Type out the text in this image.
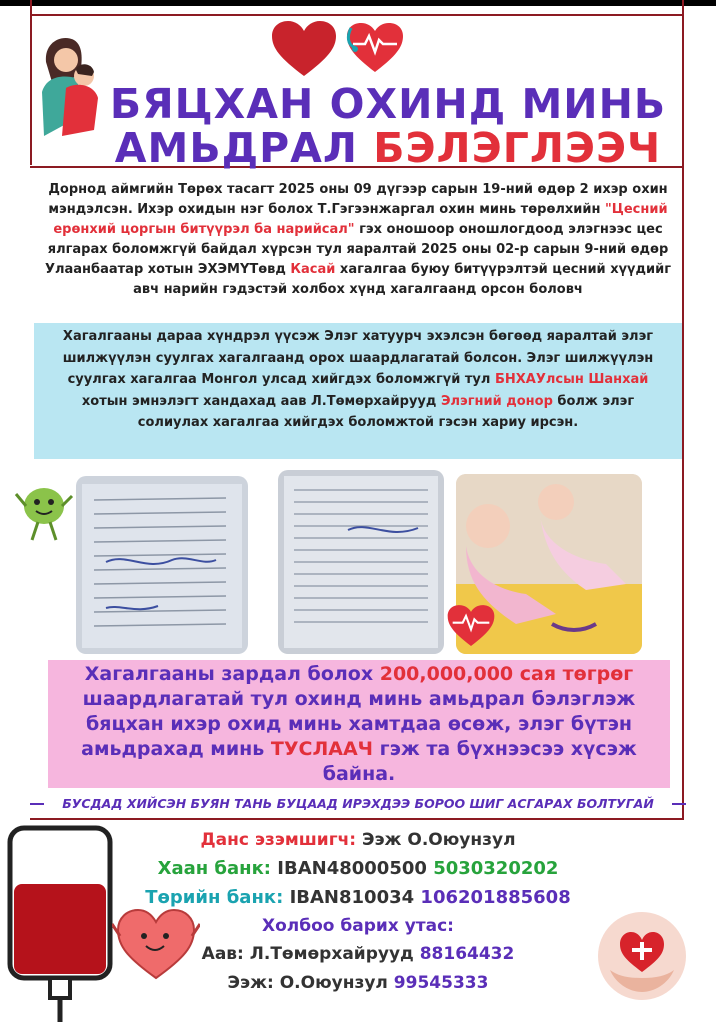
БЯЦХАН ОХИНД МИНЬ
АМЬДРАЛ БЭЛЭГЛЭЭЧ
Дорнод аймгийн Төрөх тасагт 2025 оны 09 дүгээр сарын 19-ний өдөр 2 ихэр охин мэндэлсэн. Ихэр охидын нэг болох Т.Гэгээнжаргал охин минь төрөлхийн "Цесний ерөнхий цоргын битүүрэл ба нарийсал" гэх оношоор оношлогдоод элэгнээс цес ялгарах боломжгүй байдал хүрсэн тул яаралтай 2025 оны 02-р сарын 9-ний өдөр Улаанбаатар хотын ЭХЭМҮТөвд Касай хагалгаа буюу битүүрэлтэй цесний хүүдийг авч нарийн гэдэстэй холбох хүнд хагалгаанд орсон боловч
Хагалгааны дараа хүндрэл үүсэж Элэг хатуурч эхэлсэн бөгөөд яаралтай элэг шилжүүлэн суулгах хагалгаанд орох шаардлагатай болсон. Элэг шилжүүлэн суулгах хагалгаа Монгол улсад хийгдэх боломжгүй тул БНХАУлсын Шанхай хотын эмнэлэгт хандахад аав Л.Төмөрхайрууд Элэгний донор болж элэг солиулах хагалгаа хийгдэх боломжтой гэсэн хариу ирсэн.
Хагалгааны зардал болох 200,000,000 сая төгрөг шаардлагатай тул охинд минь амьдрал бэлэглэж бяцхан ихэр охид минь хамтдаа өсөж, элэг бүтэн амьдрахад минь ТУСЛААЧ гэж та бүхнээсээ хүсэж байна.
БУСДАД ХИЙСЭН БУЯН ТАНЬ БУЦААД ИРЭХДЭЭ БОРОО ШИГ АСГАРАХ БОЛТУГАЙ
Данс эзэмшигч: Ээж О.Оюунзул
Хаан банк: IBAN48000500 5030320202
Төрийн банк: IBAN810034 106201885608
Холбоо барих утас:
Аав: Л.Төмөрхайрууд 88164432
Ээж: О.Оюунзул 99545333
